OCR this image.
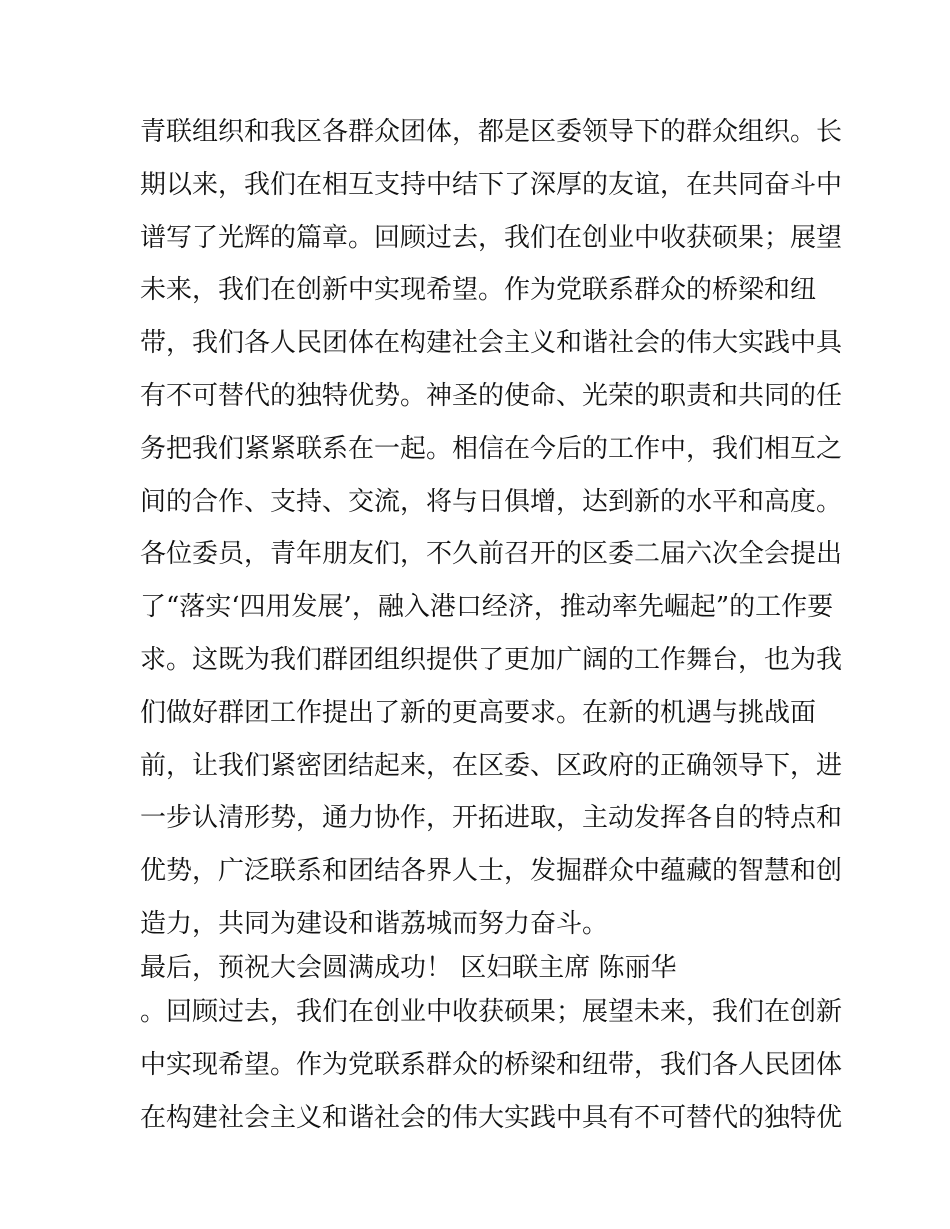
青联组织和我区各群众团体，都是区委领导下的群众组织。长
期以来，我们在相互支持中结下了深厚的友谊，在共同奋斗中
谱写了光辉的篇章。回顾过去，我们在创业中收获硕果；展望
未来，我们在创新中实现希望。作为党联系群众的桥梁和纽
带，我们各人民团体在构建社会主义和谐社会的伟大实践中具
有不可替代的独特优势。神圣的使命、光荣的职责和共同的任
务把我们紧紧联系在一起。相信在今后的工作中，我们相互之
间的合作、支持、交流，将与日俱增，达到新的水平和高度。
各位委员，青年朋友们，不久前召开的区委二届六次全会提出
了“落实‘四用发展’，融入港口经济，推动率先崛起”的工作要
求。这既为我们群团组织提供了更加广阔的工作舞台，也为我
们做好群团工作提出了新的更高要求。在新的机遇与挑战面
前，让我们紧密团结起来，在区委、区政府的正确领导下，进
一步认清形势，通力协作，开拓进取，主动发挥各自的特点和
优势，广泛联系和团结各界人士，发掘群众中蕴藏的智慧和创
造力，共同为建设和谐荔城而努力奋斗。
最后，预祝大会圆满成功！ 区妇联主席 陈丽华
。回顾过去，我们在创业中收获硕果；展望未来，我们在创新
中实现希望。作为党联系群众的桥梁和纽带，我们各人民团体
在构建社会主义和谐社会的伟大实践中具有不可替代的独特优
